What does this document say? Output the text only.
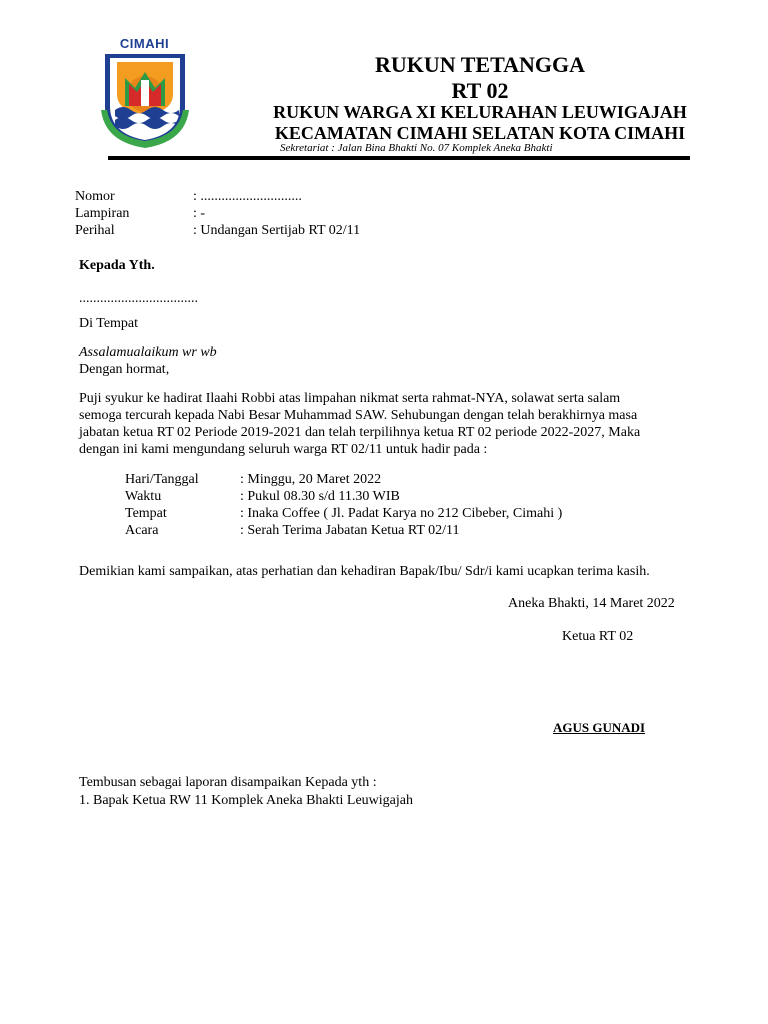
CIMAHI
RUKUN TETANGGA
RT 02
RUKUN WARGA XI KELURAHAN LEUWIGAJAH
KECAMATAN CIMAHI SELATAN KOTA CIMAHI
Sekretariat : Jalan Bina Bhakti No. 07 Komplek Aneka Bhakti
Nomor	: .............................
Lampiran	: -
Perihal	: Undangan Sertijab RT 02/11
Kepada Yth.
..................................
Di Tempat
Assalamualaikum wr wb
Dengan hormat,

Puji syukur ke hadirat Ilaahi Robbi atas limpahan nikmat serta rahmat-NYA, solawat serta salam

semoga tercurah kepada Nabi Besar Muhammad SAW. Sehubungan dengan telah berakhirnya masa

jabatan ketua RT 02 Periode 2019-2021 dan telah terpilihnya ketua RT 02 periode 2022-2027, Maka

dengan ini kami mengundang seluruh warga RT 02/11 untuk hadir pada :

Hari/Tanggal	: Minggu, 20 Maret 2022
Waktu	: Pukul 08.30 s/d 11.30 WIB
Tempat	: Inaka Coffee ( Jl. Padat Karya no 212 Cibeber, Cimahi )
Acara	: Serah Terima Jabatan Ketua RT 02/11
Demikian kami sampaikan, atas perhatian dan kehadiran Bapak/Ibu/ Sdr/i kami ucapkan terima kasih.
Aneka Bhakti, 14 Maret 2022
Ketua RT 02
AGUS GUNADI
Tembusan sebagai laporan disampaikan Kepada yth :
1. Bapak Ketua RW 11 Komplek Aneka Bhakti Leuwigajah
